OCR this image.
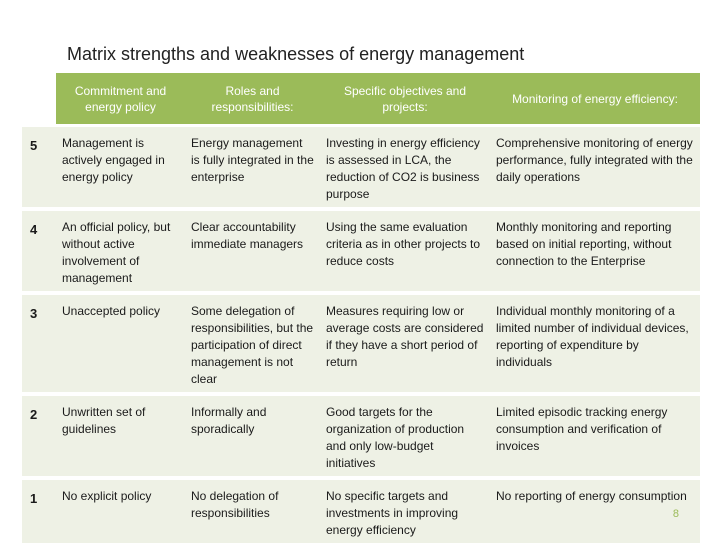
Matrix strengths and weaknesses of energy management
	Commitment and energy policy	Roles and responsibilities:	Specific objectives and projects:	Monitoring of energy efficiency:
5	Management is actively engaged in energy policy	Energy management is fully integrated in the enterprise	Investing in energy efficiency is assessed in LCA, the reduction of CO2 is business purpose	Comprehensive monitoring of energy performance, fully integrated with the daily operations
4	An official policy, but without active involvement of management	Clear accountability immediate managers	Using the same evaluation criteria as in other projects to reduce costs	Monthly monitoring and reporting based on initial reporting, without connection to the Enterprise
3	Unaccepted policy	Some delegation of responsibilities, but the participation of direct management is not clear	Measures requiring low or average costs are considered if they have a short period of return	Individual monthly monitoring of a limited number of individual devices, reporting of expenditure by individuals
2	Unwritten set of guidelines	Informally and sporadically	Good targets for the organization of production and only low-budget initiatives	Limited episodic tracking energy consumption and verification of invoices
1	No explicit policy	No delegation of responsibilities	No specific targets and investments in improving energy efficiency	No reporting of energy consumption
8
